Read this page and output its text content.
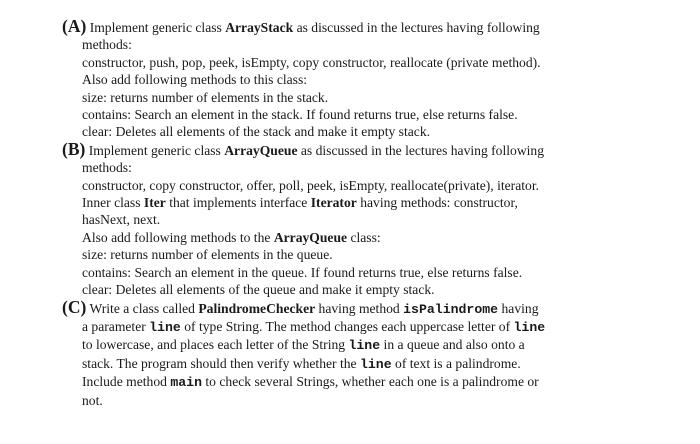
(A) Implement generic class ArrayStack as discussed in the lectures having following
methods:
constructor, push, pop, peek, isEmpty, copy constructor, reallocate (private method).
Also add following methods to this class:
size: returns number of elements in the stack.
contains: Search an element in the stack. If found returns true, else returns false.
clear: Deletes all elements of the stack and make it empty stack.
(B) Implement generic class ArrayQueue as discussed in the lectures having following
methods:
constructor, copy constructor, offer, poll, peek, isEmpty, reallocate(private), iterator.
Inner class Iter that implements interface Iterator having methods: constructor,
hasNext, next.
Also add following methods to the ArrayQueue class:
size: returns number of elements in the queue.
contains: Search an element in the queue. If found returns true, else returns false.
clear: Deletes all elements of the queue and make it empty stack.
(C) Write a class called PalindromeChecker having method isPalindrome having
a parameter line of type String. The method changes each uppercase letter of line
to lowercase, and places each letter of the String line in a queue and also onto a
stack. The program should then verify whether the line of text is a palindrome.
Include method main to check several Strings, whether each one is a palindrome or
not.
